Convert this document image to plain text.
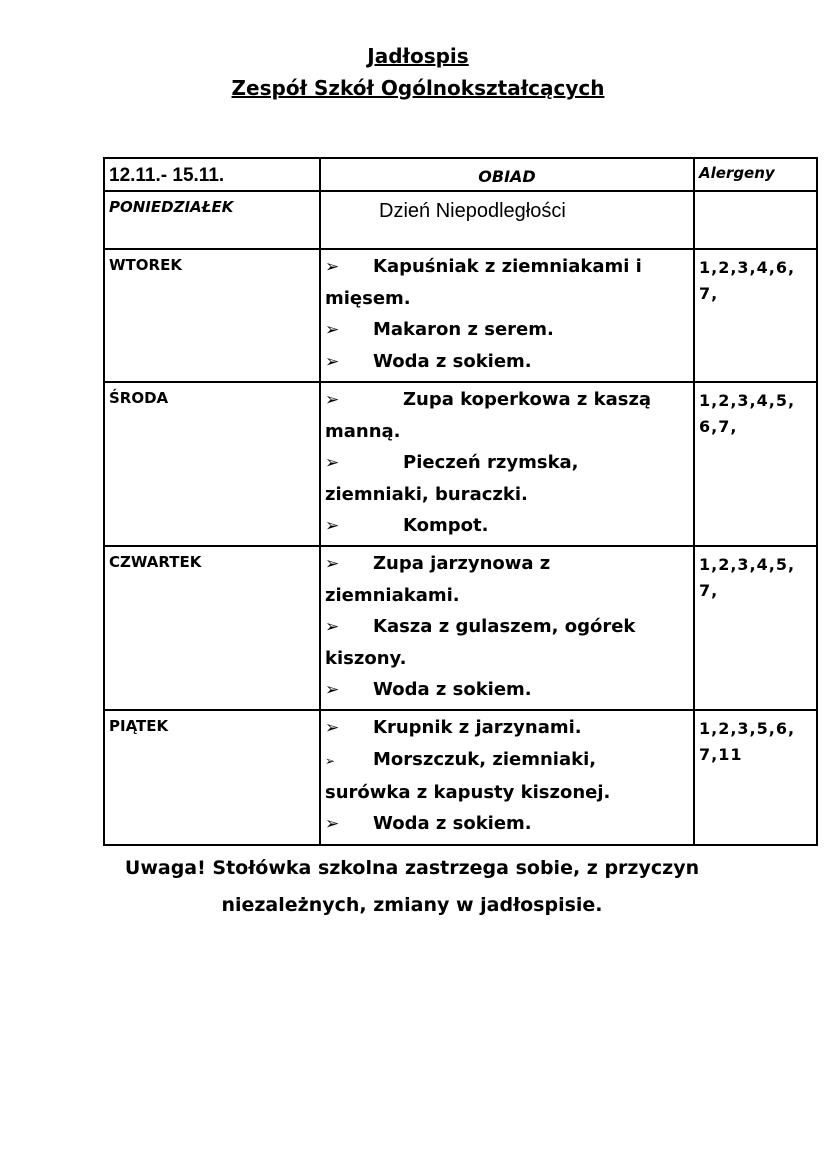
Jadłospis
Zespół Szkół Ogólnokształcących
12.11.- 15.11.	OBIAD	Alergeny
PONIEDZIAŁEK	Dzień Niepodległości	
WTOREK	➢ Kapuśniak z ziemniakami i mięsem.
➢ Makaron z serem.
➢ Woda z sokiem.	1,2,3,4,6, 7,
ŚRODA	➢ Zupa koperkowa z kaszą manną.
➢ Pieczeń rzymska, ziemniaki, buraczki.
➢ Kompot.	1,2,3,4,5, 6,7,
CZWARTEK	➢ Zupa jarzynowa z ziemniakami.
➢ Kasza z gulaszem, ogórek kiszony.
➢ Woda z sokiem.	1,2,3,4,5, 7,
PIĄTEK	➢ Krupnik z jarzynami.
➢ Morszczuk, ziemniaki, surówka z kapusty kiszonej.
➢ Woda z sokiem.	1,2,3,5,6, 7,11
Uwaga! Stołówka szkolna zastrzega sobie, z przyczyn
niezależnych, zmiany w jadłospisie.
